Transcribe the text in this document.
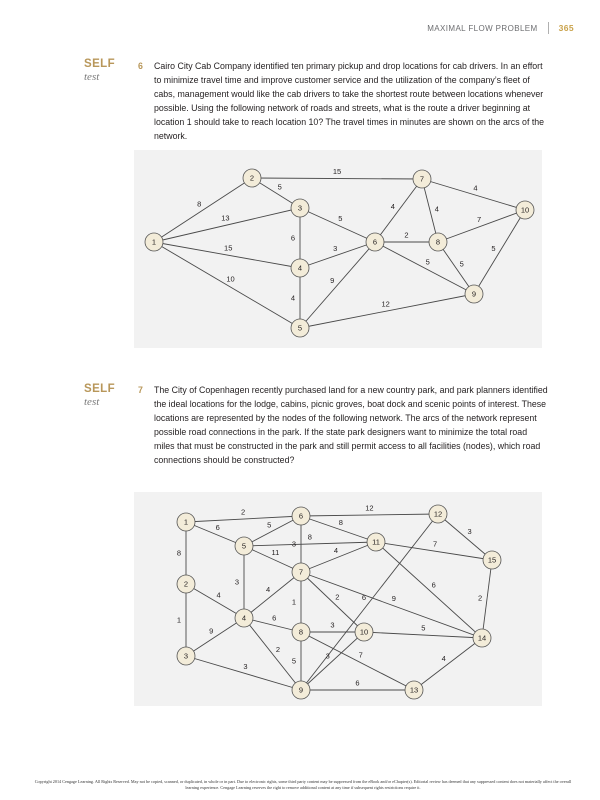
MAXIMAL FLOW PROBLEM 365
SELF
test
6 Cairo City Cab Company identified ten primary pickup and drop locations for cab drivers. In an effort to minimize travel time and improve customer service and the utilization of the company’s fleet of cabs, management would like the cab drivers to take the shortest route between locations whenever possible. Using the following network of roads and streets, what is the route a driver beginning at location 1 should take to reach location 10? The travel times in minutes are shown on the arcs of the network.
8
13
15
10
5
15
6
5
3
4
9
12
4
2
5
4
4
7
5
5
1
2
3
4
5
6
7
8
9
10
SELF
test
7 The City of Copenhagen recently purchased land for a new country park, and park planners identified the ideal locations for the lodge, cabins, picnic groves, boat dock and scenic points of interest. These locations are represented by the nodes of the following network. The arcs of the network represent possible road connections in the park. If the state park designers want to minimize the total road miles that must be constructed in the park and still permit access to all facilities (nodes), which road connections should be constructed?
2
6
8
12
5
3
8
8
11
3
4
7
6
3
6	2
4
1
4
1
2	9
6
9
2
3
5
7
3
5
3
6
4
1
2
3
4
5
6
7
8
9
10
11
12
13
14
15
Copyright 2014 Cengage Learning. All Rights Reserved. May not be copied, scanned, or duplicated, in whole or in part. Due to electronic rights, some third party content may be suppressed from the eBook and/or eChapter(s). Editorial review has deemed that any suppressed content does not materially affect the overall learning experience. Cengage Learning reserves the right to remove additional content at any time if subsequent rights restrictions require it.
